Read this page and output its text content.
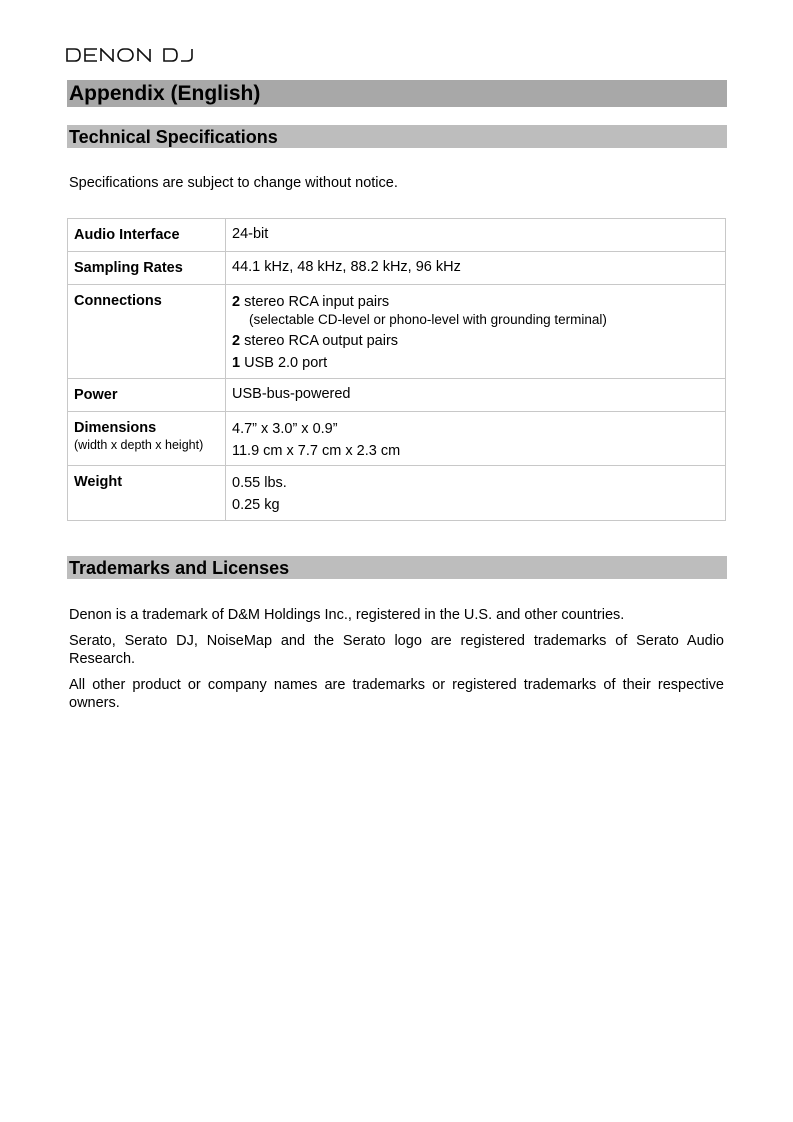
Appendix (English)
Technical Specifications
Specifications are subject to change without notice.
Audio Interface	24-bit
Sampling Rates	44.1 kHz, 48 kHz, 88.2 kHz, 96 kHz
Connections	2 stereo RCA input pairs
(selectable CD-level or phono-level with grounding terminal)
2 stereo RCA output pairs
1 USB 2.0 port

Power	USB-bus-powered
Dimensions
(width x depth x height)	4.7” x 3.0” x 0.9”
11.9 cm x 7.7 cm x 2.3 cm

Weight	0.55 lbs.
0.25 kg
Trademarks and Licenses
Denon is a trademark of D&M Holdings Inc., registered in the U.S. and other countries.
Serato, Serato DJ, NoiseMap and the Serato logo are registered trademarks of Serato Audio Research.
All other product or company names are trademarks or registered trademarks of their respective owners.
